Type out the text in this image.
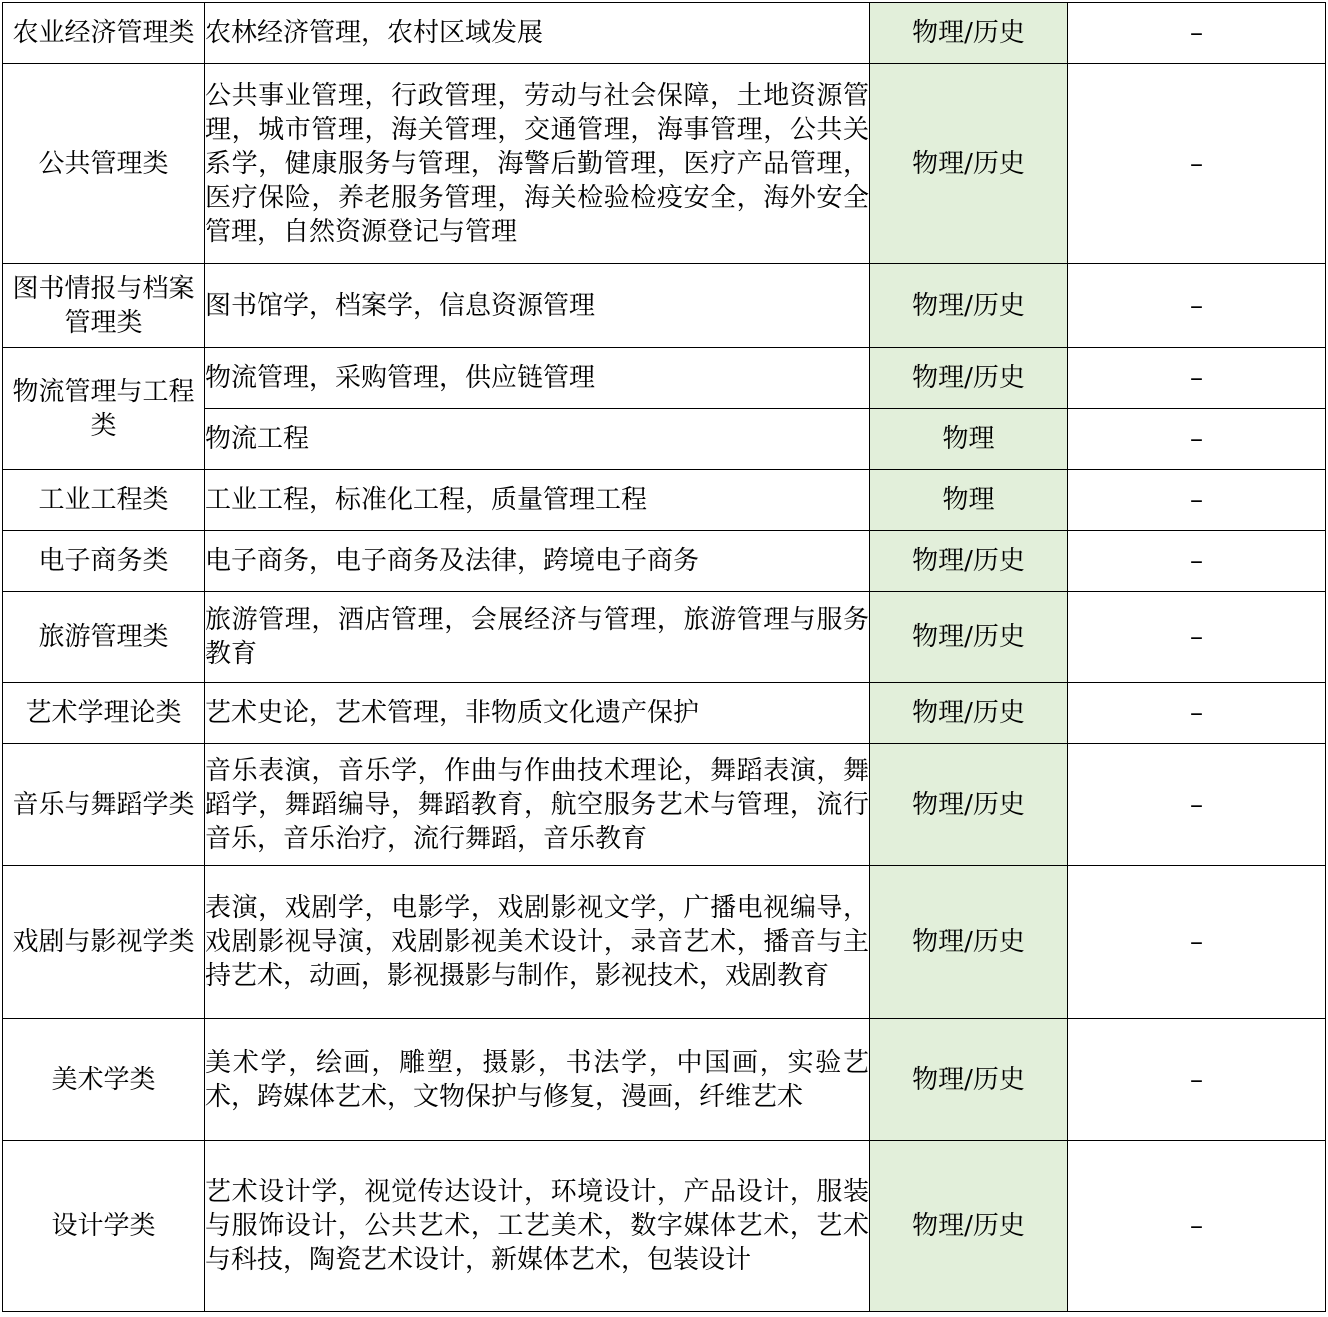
农业经济管理类	农林经济管理，农村区域发展	物理/历史	–
公共管理类	公共事业管理，行政管理，劳动与社会保障，土地资源管理，城市管理，海关管理，交通管理，海事管理，公共关系学，健康服务与管理，海警后勤管理，医疗产品管理，医疗保险，养老服务管理，海关检验检疫安全，海外安全管理，自然资源登记与管理	物理/历史	–
图书情报与档案管理类	图书馆学，档案学，信息资源管理	物理/历史	–
物流管理与工程类	物流管理，采购管理，供应链管理	物理/历史	–
	物流工程	物理	–
工业工程类	工业工程，标准化工程，质量管理工程	物理	–
电子商务类	电子商务，电子商务及法律，跨境电子商务	物理/历史	–
旅游管理类	旅游管理，酒店管理，会展经济与管理，旅游管理与服务教育	物理/历史	–
艺术学理论类	艺术史论，艺术管理，非物质文化遗产保护	物理/历史	–
音乐与舞蹈学类	音乐表演，音乐学，作曲与作曲技术理论，舞蹈表演，舞蹈学，舞蹈编导，舞蹈教育，航空服务艺术与管理，流行音乐，音乐治疗，流行舞蹈，音乐教育	物理/历史	–
戏剧与影视学类	表演，戏剧学，电影学，戏剧影视文学，广播电视编导，戏剧影视导演，戏剧影视美术设计，录音艺术，播音与主持艺术，动画，影视摄影与制作，影视技术，戏剧教育	物理/历史	–
美术学类	美术学，绘画，雕塑，摄影，书法学，中国画，实验艺术，跨媒体艺术，文物保护与修复，漫画，纤维艺术	物理/历史	–
设计学类	艺术设计学，视觉传达设计，环境设计，产品设计，服装与服饰设计，公共艺术，工艺美术，数字媒体艺术，艺术与科技，陶瓷艺术设计，新媒体艺术，包装设计	物理/历史	–
